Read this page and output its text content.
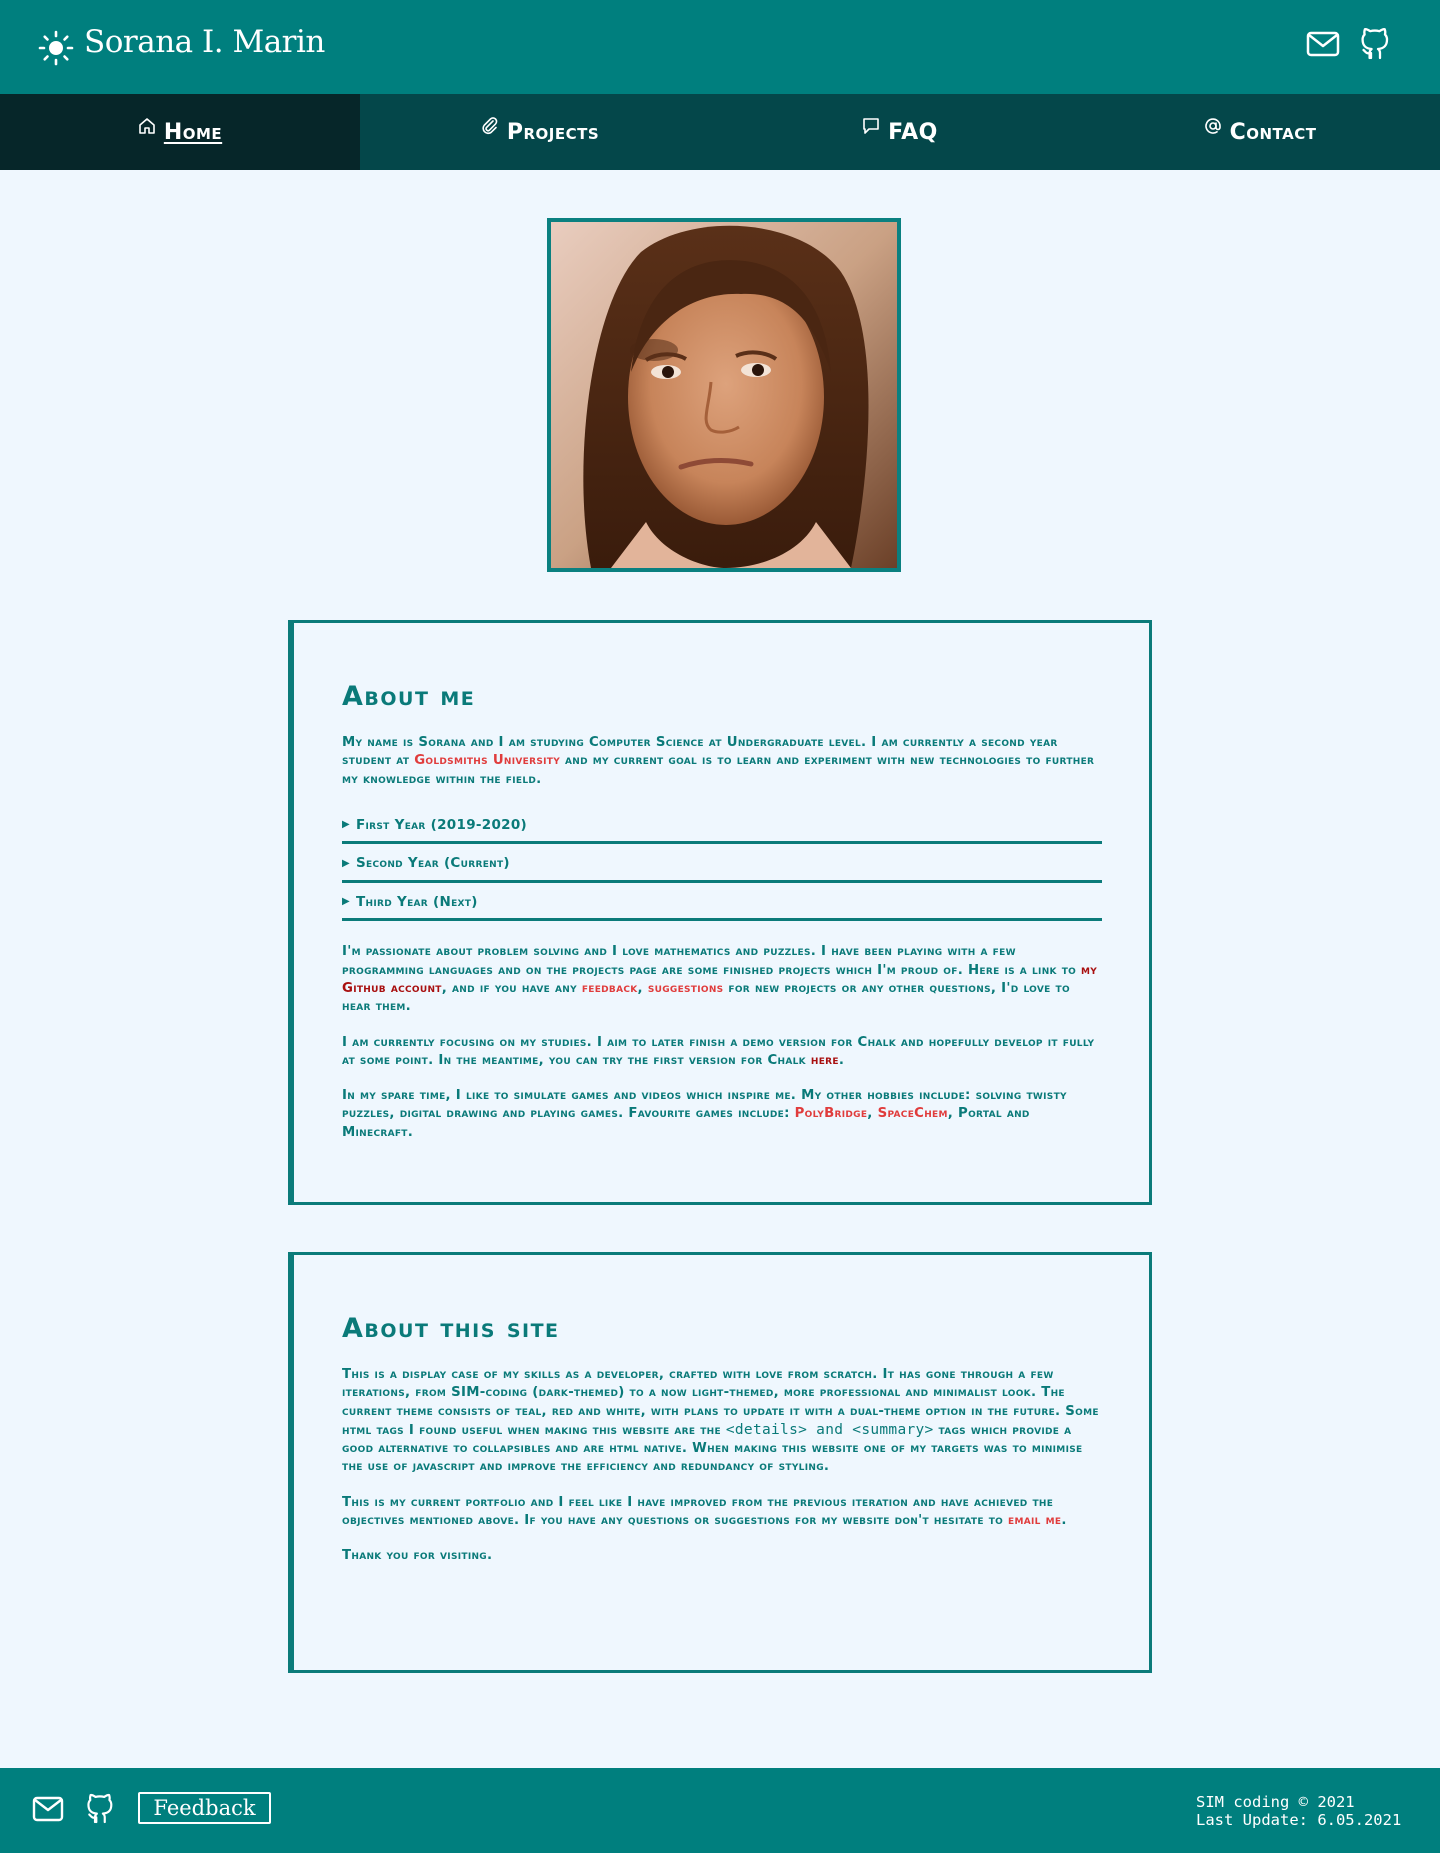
Sorana I. Marin
Home	Projects	FAQ	Contact
About me

My name is Sorana and I am studying Computer Science at Undergraduate level. I am currently a second year student at Goldsmiths University and my current goal is to learn and experiment with new technologies to further my knowledge within the field.

▶ First Year (2019-2020)
▶ Second Year (Current)
▶ Third Year (Next)

I'm passionate about problem solving and I love mathematics and puzzles. I have been playing with a few programming languages and on the projects page are some finished projects which I'm proud of. Here is a link to my Github account, and if you have any feedback, suggestions for new projects or any other questions, I'd love to hear them.

I am currently focusing on my studies. I aim to later finish a demo version for Chalk and hopefully develop it fully at some point. In the meantime, you can try the first version for Chalk here.

In my spare time, I like to simulate games and videos which inspire me. My other hobbies include: solving twisty puzzles, digital drawing and playing games. Favourite games include: PolyBridge, SpaceChem, Portal and Minecraft.

About this site

This is a display case of my skills as a developer, crafted with love from scratch. It has gone through a few iterations, from SIM-coding (dark-themed) to a now light-themed, more professional and minimalist look. The current theme consists of teal, red and white, with plans to update it with a dual-theme option in the future. Some html tags I found useful when making this website are the <details> and <summary> tags which provide a good alternative to collapsibles and are html native. When making this website one of my targets was to minimise the use of javascript and improve the efficiency and redundancy of styling.

This is my current portfolio and I feel like I have improved from the previous iteration and have achieved the objectives mentioned above. If you have any questions or suggestions for my website don't hesitate to email me.

Thank you for visiting.

Feedback	SIM coding © 2021
Last Update: 6.05.2021
